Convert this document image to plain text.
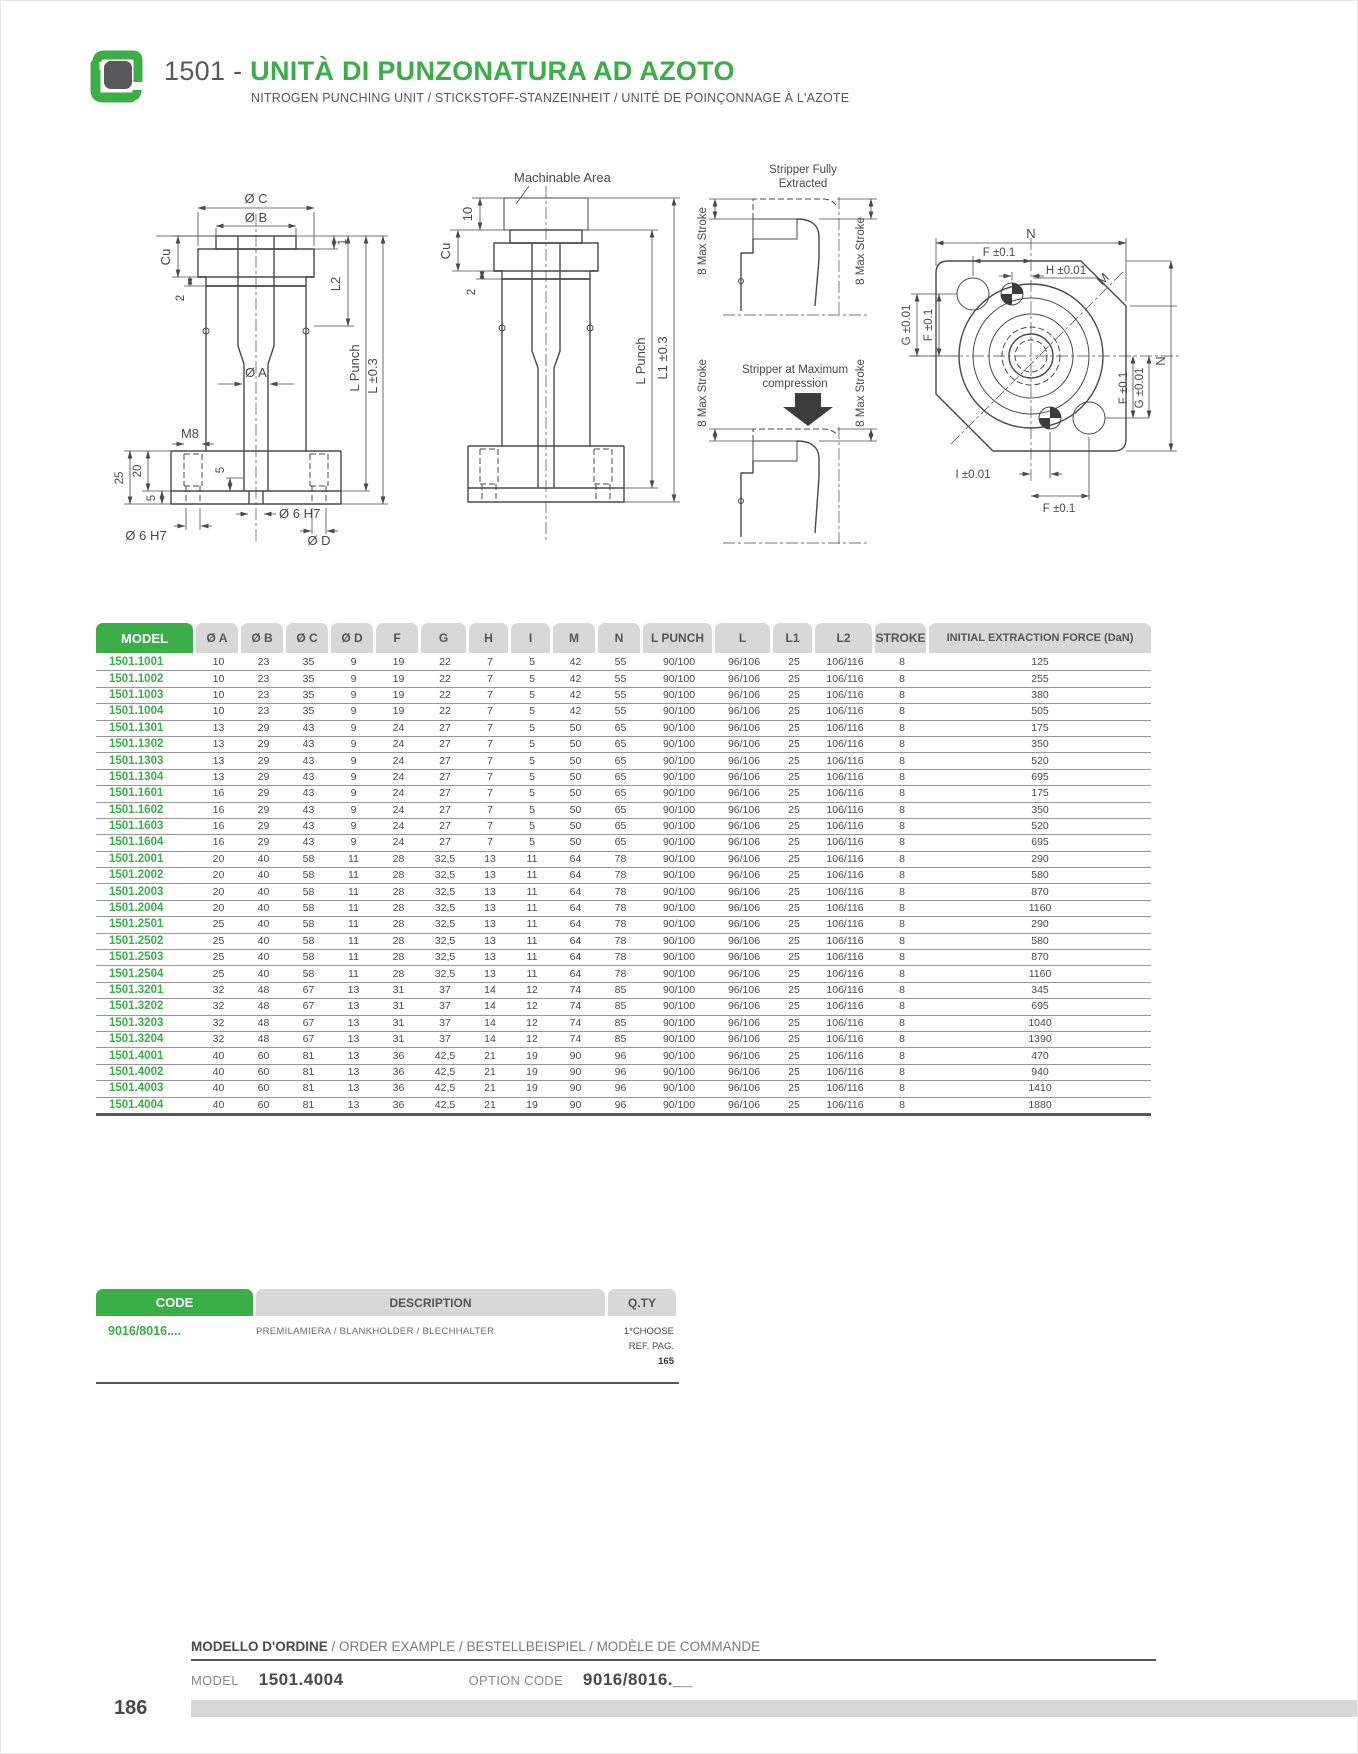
1501 - UNITÀ DI PUNZONATURA AD AZOTO
NITROGEN PUNCHING UNIT / STICKSTOFF-STANZEINHEIT / UNITÉ DE POINÇONNAGE À L'AZOTE
Ø C
Ø B
1
Cu
2
L2
Ø A
M8
25
20
5
5
Ø 6 H7
Ø 6 H7
Ø D
L Punch L ±0.3
Machinable Area
10
Cu
2
L Punch L1 ±0.3
Stripper Fully
Extracted
8 Max Stroke	8 Max Stroke
Stripper at Maximum
compression
8 Max Stroke	8 Max Stroke
M
N
F ±0.1
H ±0.01
G ±0.01 F ±0.1
N
F ±0.1 G ±0.01
I ±0.01
F ±0.1
MODEL	Ø A	Ø B	Ø C	Ø D	F	G	H	I	M	N	L PUNCH	L	L1	L2	STROKE	INITIAL EXTRACTION FORCE (DaN)
1501.1001	10	23	35	9	19	22	7	5	42	55	90/100	96/106	25	106/116	8	125
1501.1002	10	23	35	9	19	22	7	5	42	55	90/100	96/106	25	106/116	8	255
1501.1003	10	23	35	9	19	22	7	5	42	55	90/100	96/106	25	106/116	8	380
1501.1004	10	23	35	9	19	22	7	5	42	55	90/100	96/106	25	106/116	8	505
1501.1301	13	29	43	9	24	27	7	5	50	65	90/100	96/106	25	106/116	8	175
1501.1302	13	29	43	9	24	27	7	5	50	65	90/100	96/106	25	106/116	8	350
1501.1303	13	29	43	9	24	27	7	5	50	65	90/100	96/106	25	106/116	8	520
1501.1304	13	29	43	9	24	27	7	5	50	65	90/100	96/106	25	106/116	8	695
1501.1601	16	29	43	9	24	27	7	5	50	65	90/100	96/106	25	106/116	8	175
1501.1602	16	29	43	9	24	27	7	5	50	65	90/100	96/106	25	106/116	8	350
1501.1603	16	29	43	9	24	27	7	5	50	65	90/100	96/106	25	106/116	8	520
1501.1604	16	29	43	9	24	27	7	5	50	65	90/100	96/106	25	106/116	8	695
1501.2001	20	40	58	11	28	32,5	13	11	64	78	90/100	96/106	25	106/116	8	290
1501.2002	20	40	58	11	28	32,5	13	11	64	78	90/100	96/106	25	106/116	8	580
1501.2003	20	40	58	11	28	32,5	13	11	64	78	90/100	96/106	25	106/116	8	870
1501.2004	20	40	58	11	28	32,5	13	11	64	78	90/100	96/106	25	106/116	8	1160
1501.2501	25	40	58	11	28	32,5	13	11	64	78	90/100	96/106	25	106/116	8	290
1501.2502	25	40	58	11	28	32,5	13	11	64	78	90/100	96/106	25	106/116	8	580
1501.2503	25	40	58	11	28	32,5	13	11	64	78	90/100	96/106	25	106/116	8	870
1501.2504	25	40	58	11	28	32,5	13	11	64	78	90/100	96/106	25	106/116	8	1160
1501.3201	32	48	67	13	31	37	14	12	74	85	90/100	96/106	25	106/116	8	345
1501.3202	32	48	67	13	31	37	14	12	74	85	90/100	96/106	25	106/116	8	695
1501.3203	32	48	67	13	31	37	14	12	74	85	90/100	96/106	25	106/116	8	1040
1501.3204	32	48	67	13	31	37	14	12	74	85	90/100	96/106	25	106/116	8	1390
1501.4001	40	60	81	13	36	42,5	21	19	90	96	90/100	96/106	25	106/116	8	470
1501.4002	40	60	81	13	36	42,5	21	19	90	96	90/100	96/106	25	106/116	8	940
1501.4003	40	60	81	13	36	42,5	21	19	90	96	90/100	96/106	25	106/116	8	1410
1501.4004	40	60	81	13	36	42,5	21	19	90	96	90/100	96/106	25	106/116	8	1880
CODE	DESCRIPTION	Q.TY
9016/8016....	PREMILAMIERA / BLANKHOLDER / BLECHHALTER	1*CHOOSE
REF. PAG.
165
MODELLO D'ORDINE / ORDER EXAMPLE / BESTELLBEISPIEL / MODÈLE DE COMMANDE
MODEL 1501.4004	OPTION CODE 9016/8016.__
186
